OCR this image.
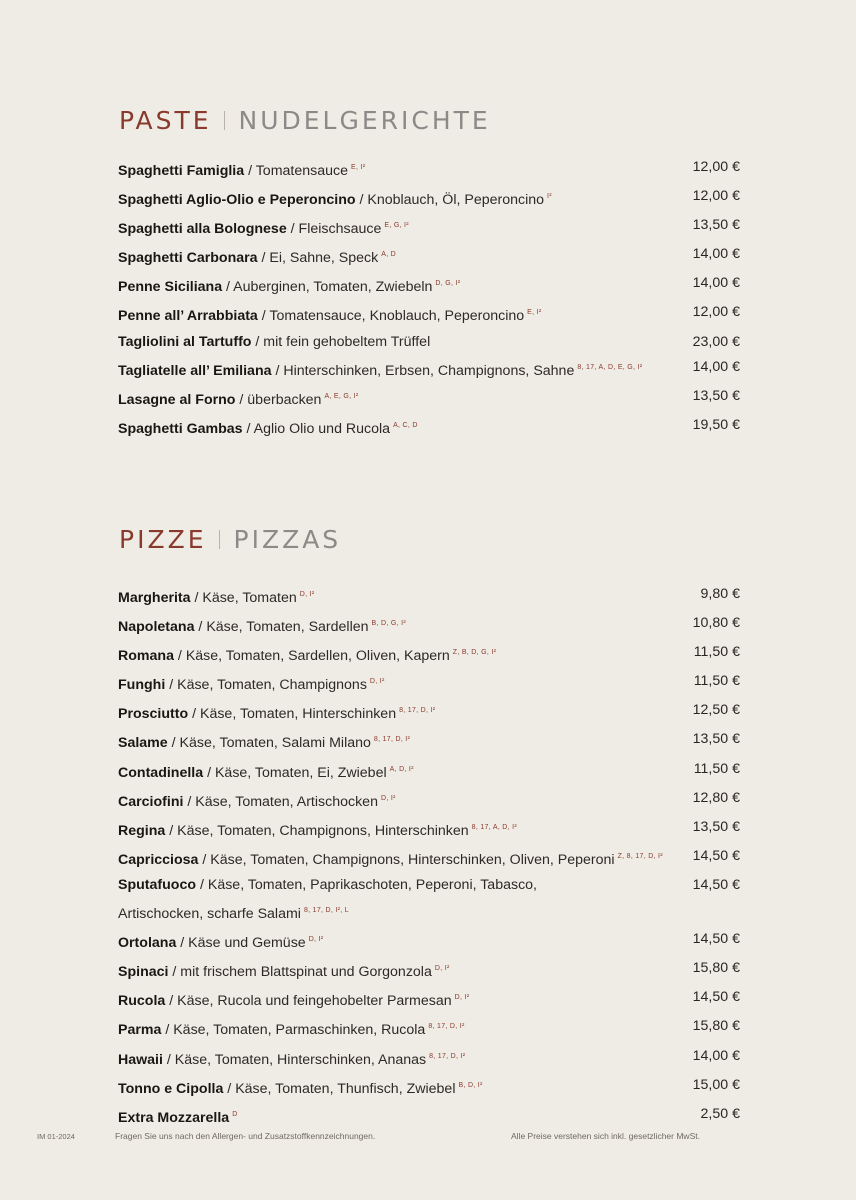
PASTE NUDELGERICHTE
Spaghetti Famiglia / Tomatensauce $^{E, I^2}$	12,00 €
Spaghetti Aglio-Olio e Peperoncino / Knoblauch, Öl, Peperoncino $^{I^2}$	12,00 €
Spaghetti alla Bolognese / Fleischsauce $^{E, G, I^2}$	13,50 €
Spaghetti Carbonara / Ei, Sahne, Speck $^{A, D}$	14,00 €
Penne Siciliana / Auberginen, Tomaten, Zwiebeln $^{D, G, I^2}$	14,00 €
Penne all’ Arrabbiata / Tomatensauce, Knoblauch, Peperoncino $^{E, I^2}$	12,00 €
Tagliolini al Tartuffo / mit fein gehobeltem Trüffel	23,00 €
Tagliatelle all’ Emiliana / Hinterschinken, Erbsen, Champignons, Sahne $^{8, 17, A, D, E, G, I^2}$	14,00 €
Lasagne al Forno / überbacken $^{A, E, G, I^2}$	13,50 €
Spaghetti Gambas / Aglio Olio und Rucola $^{A, C, D}$	19,50 €
PIZZE PIZZAS
Margherita / Käse, Tomaten $^{D, I^2}$	9,80 €
Napoletana / Käse, Tomaten, Sardellen $^{B, D, G, I^2}$	10,80 €
Romana / Käse, Tomaten, Sardellen, Oliven, Kapern $^{Z, B, D, G, I^2}$	11,50 €
Funghi / Käse, Tomaten, Champignons $^{D, I^2}$	11,50 €
Prosciutto / Käse, Tomaten, Hinterschinken $^{8, 17, D, I^2}$	12,50 €
Salame / Käse, Tomaten, Salami Milano $^{8, 17, D, I^2}$	13,50 €
Contadinella / Käse, Tomaten, Ei, Zwiebel $^{A, D, I^2}$	11,50 €
Carciofini / Käse, Tomaten, Artischocken $^{D, I^2}$	12,80 €
Regina / Käse, Tomaten, Champignons, Hinterschinken $^{8, 17, A, D, I^2}$	13,50 €
Capricciosa / Käse, Tomaten, Champignons, Hinterschinken, Oliven, Peperoni $^{Z, 8, 17, D, I^2}$ 14,50 €
Sputafuoco / Käse, Tomaten, Paprikaschoten, Peperoni, Tabasco,
Artischocken, scharfe Salami $^{8, 17, D, I^2, L}$
14,50 €
Ortolana / Käse und Gemüse $^{D, I^2}$	14,50 €
Spinaci / mit frischem Blattspinat und Gorgonzola $^{D, I^2}$	15,80 €
Rucola / Käse, Rucola und feingehobelter Parmesan $^{D, I^2}$	14,50 €
Parma / Käse, Tomaten, Parmaschinken, Rucola $^{8, 17, D, I^2}$	15,80 €
Hawaii / Käse, Tomaten, Hinterschinken, Ananas $^{8, 17, D, I^2}$	14,00 €
Tonno e Cipolla / Käse, Tomaten, Thunfisch, Zwiebel $^{B, D, I^2}$	15,00 €
Extra Mozzarella $^D$	2,50 €
IM 01-2024	Fragen Sie uns nach den Allergen- und Zusatzstoffkennzeichnungen.	Alle Preise verstehen sich inkl. gesetzlicher MwSt.
